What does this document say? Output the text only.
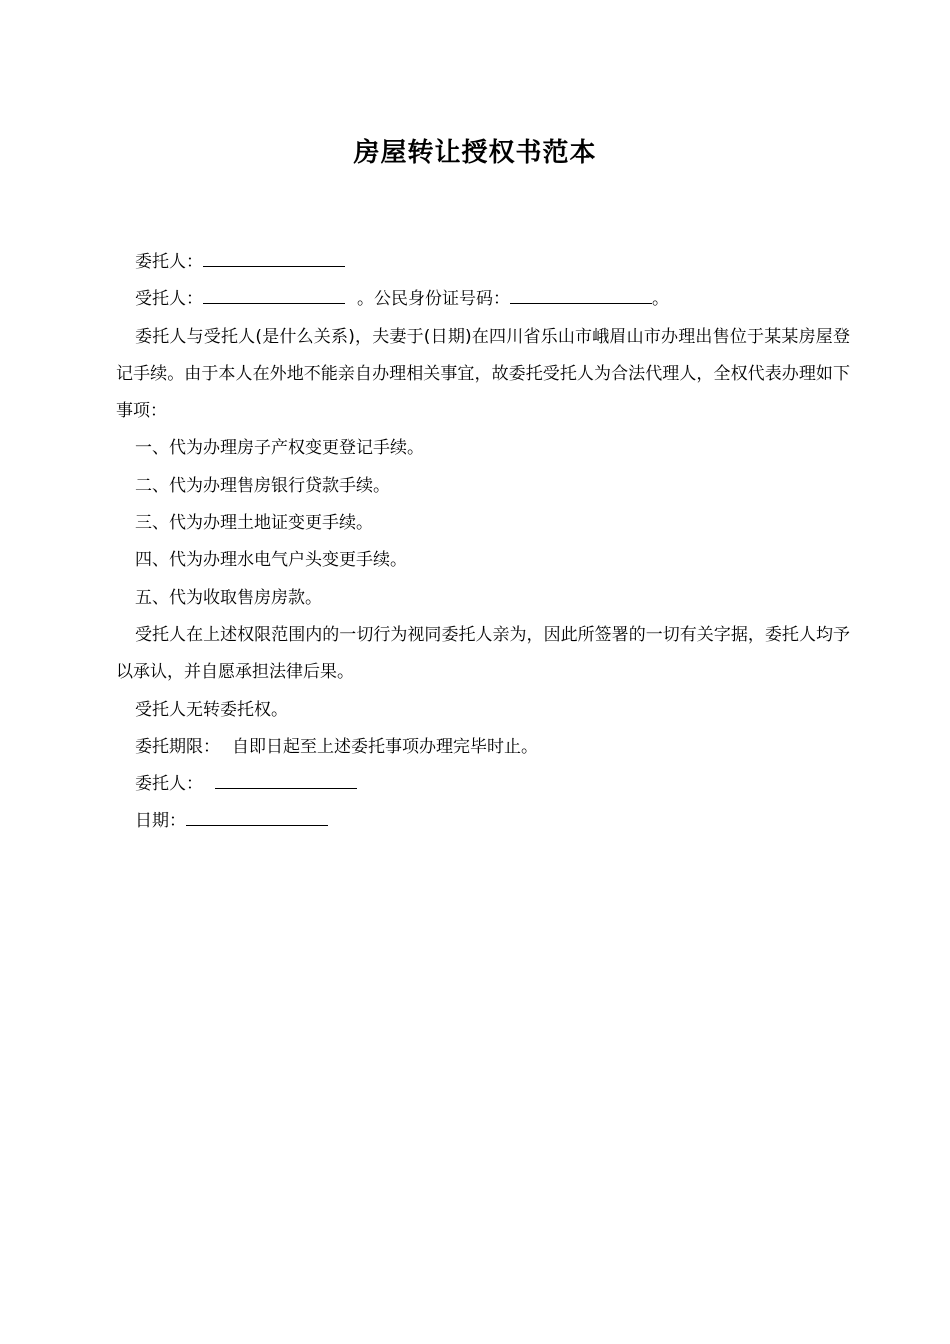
房屋转让授权书范本
委托人：
受托人：	。公民身份证号码：	。
委托人与受托人(是什么关系)，夫妻于(日期)在四川省乐山市峨眉山市办理出售位于某某房屋登记手续。由于本人在外地不能亲自办理相关事宜，故委托受托人为合法代理人，全权代表办理如下事项：
一、代为办理房子产权变更登记手续。
二、代为办理售房银行贷款手续。
三、代为办理土地证变更手续。
四、代为办理水电气户头变更手续。
五、代为收取售房房款。
受托人在上述权限范围内的一切行为视同委托人亲为，因此所签署的一切有关字据，委托人均予以承认，并自愿承担法律后果。
受托人无转委托权。
委托期限： 自即日起至上述委托事项办理完毕时止。
委托人：
日期：
